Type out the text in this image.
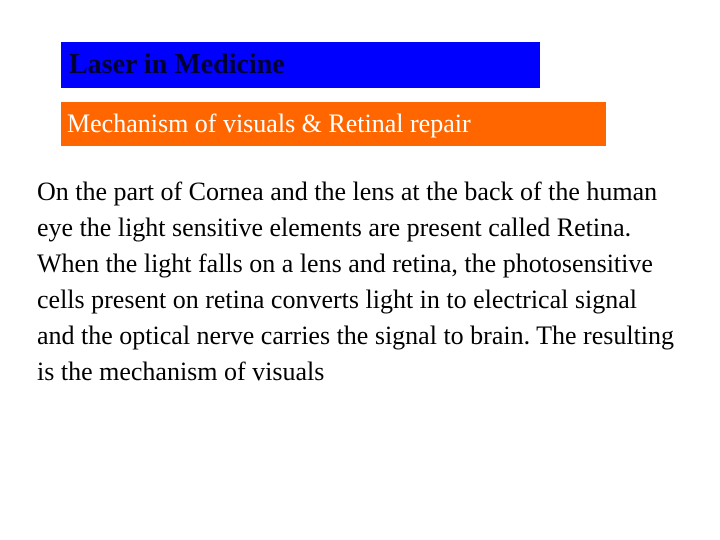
Laser in Medicine
Mechanism of visuals & Retinal repair

On the part of Cornea and the lens at the back of the human eye the light sensitive elements are present called Retina. When the light falls on a lens and retina, the photosensitive cells present on retina converts light in to electrical signal and the optical nerve carries the signal to brain. The resulting is the mechanism of visuals
